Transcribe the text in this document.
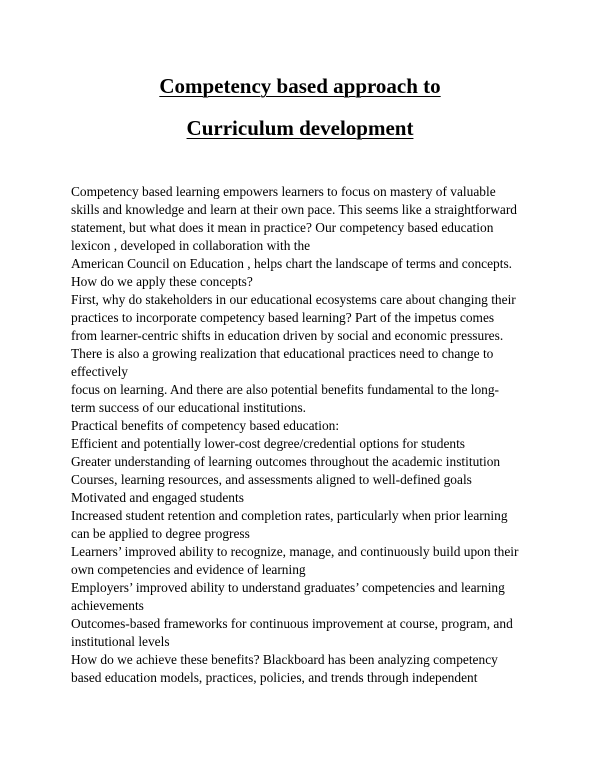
Competency based approach to
Curriculum development
Competency based learning empowers learners to focus on mastery of valuable
skills and knowledge and learn at their own pace. This seems like a straightforward
statement, but what does it mean in practice? Our competency based education
lexicon , developed in collaboration with the
American Council on Education , helps chart the landscape of terms and concepts.
How do we apply these concepts?
First, why do stakeholders in our educational ecosystems care about changing their
practices to incorporate competency based learning? Part of the impetus comes
from learner-centric shifts in education driven by social and economic pressures.
There is also a growing realization that educational practices need to change to
effectively
focus on learning. And there are also potential benefits fundamental to the long-
term success of our educational institutions.
Practical benefits of competency based education:
Efficient and potentially lower-cost degree/credential options for students
Greater understanding of learning outcomes throughout the academic institution
Courses, learning resources, and assessments aligned to well-defined goals
Motivated and engaged students
Increased student retention and completion rates, particularly when prior learning
can be applied to degree progress
Learners’ improved ability to recognize, manage, and continuously build upon their
own competencies and evidence of learning
Employers’ improved ability to understand graduates’ competencies and learning
achievements
Outcomes-based frameworks for continuous improvement at course, program, and
institutional levels
How do we achieve these benefits? Blackboard has been analyzing competency
based education models, practices, policies, and trends through independent
